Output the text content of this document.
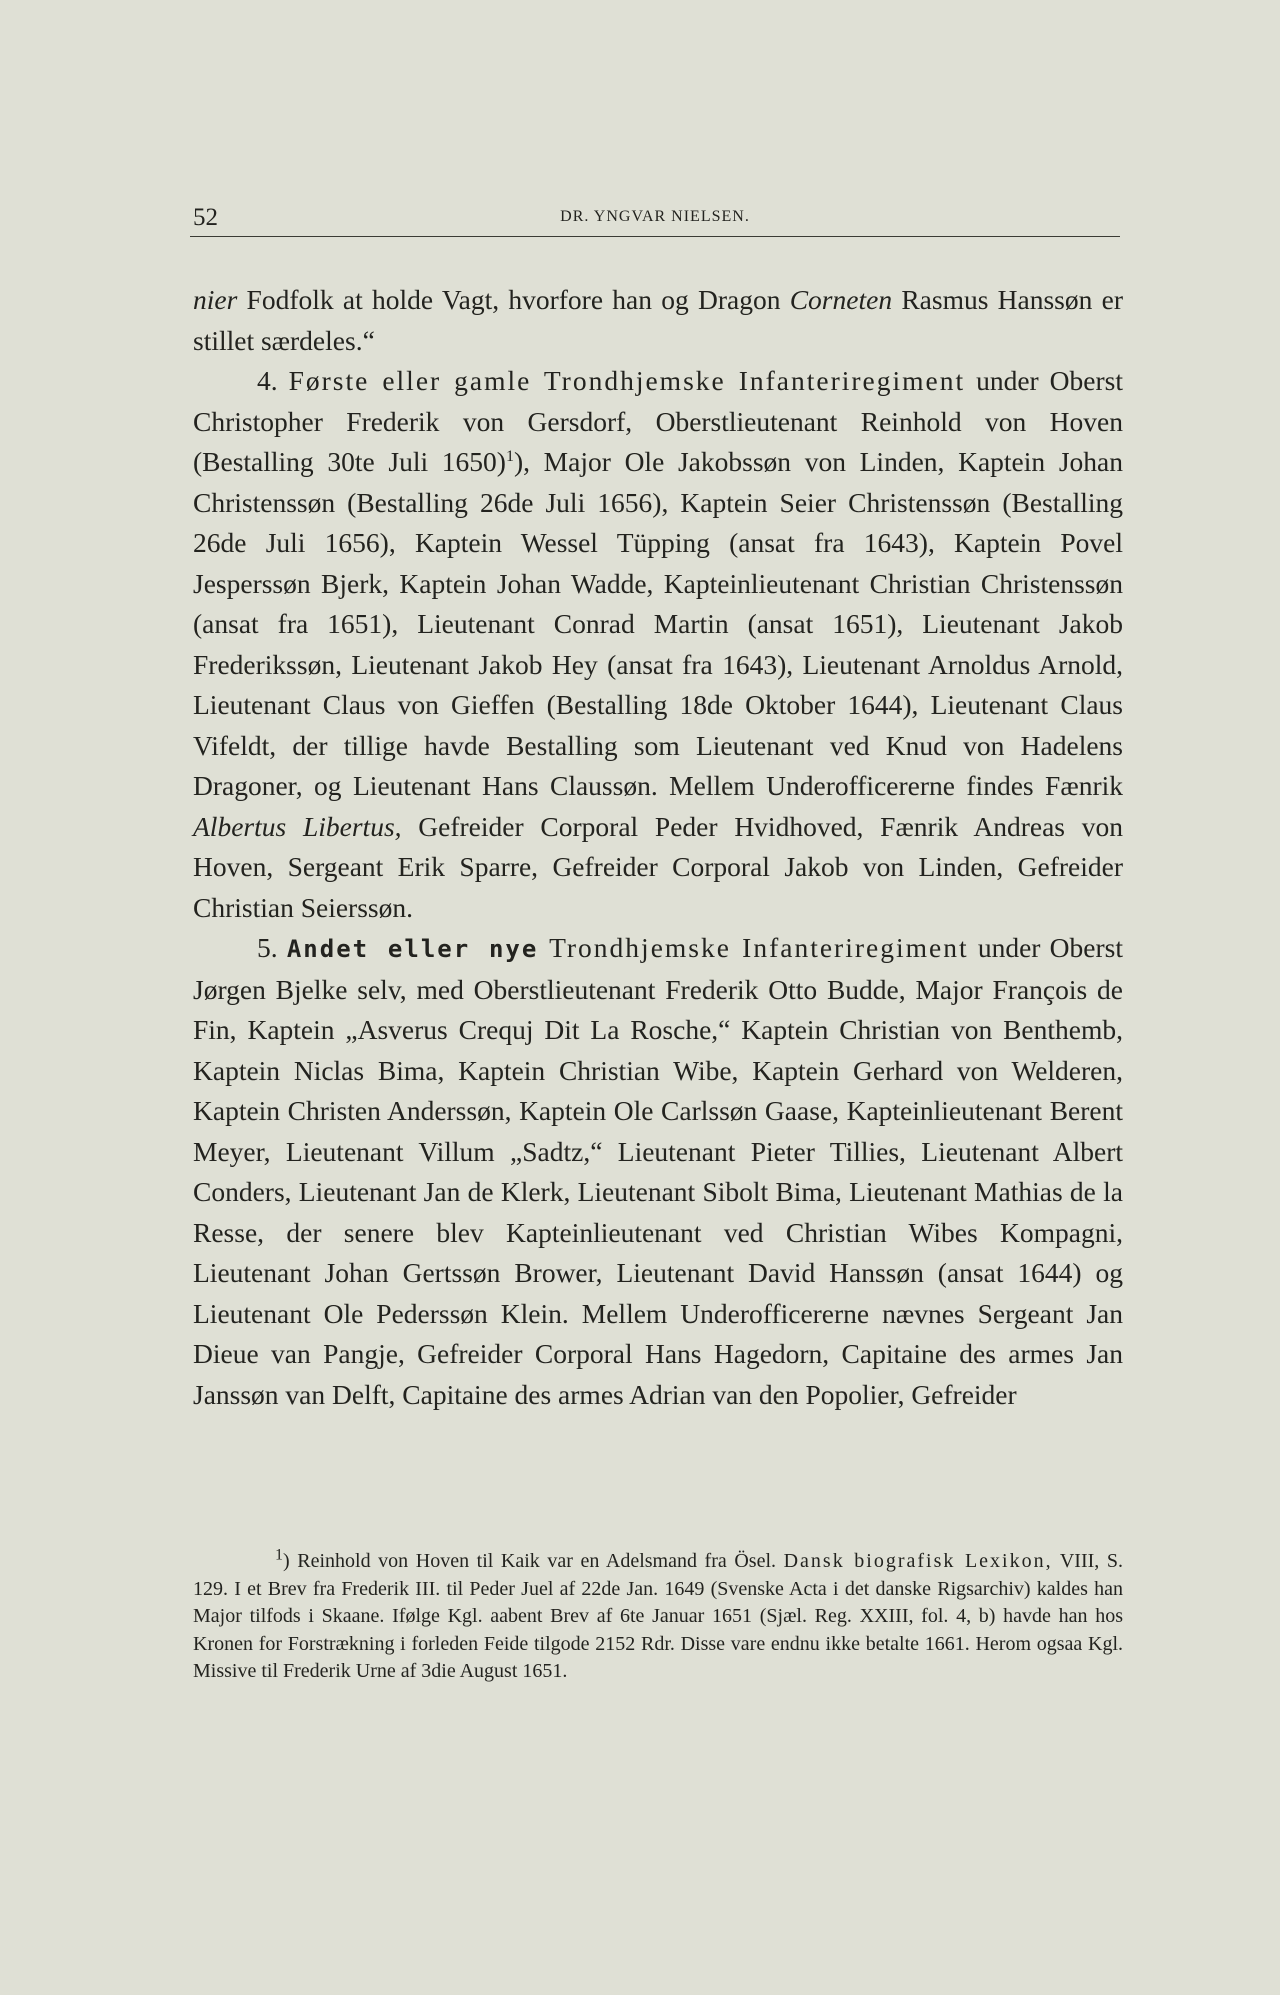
52	DR. YNGVAR NIELSEN.

nier Fodfolk at holde Vagt, hvorfore han og Dragon Corneten Rasmus Hanssøn er stillet særdeles.“

4. Første eller gamle Trondhjemske Infanteriregiment under Oberst Christopher Frederik von Gersdorf, Oberstlieutenant Reinhold von Hoven (Bestalling 30te Juli 1650)$^1$), Major Ole Jakobssøn von Linden, Kaptein Johan Christenssøn (Bestalling 26de Juli 1656), Kaptein Seier Christenssøn (Bestalling 26de Juli 1656), Kaptein Wessel Tüpping (ansat fra 1643), Kaptein Povel Jesperssøn Bjerk, Kaptein Johan Wadde, Kapteinlieutenant Christian Christenssøn (ansat fra 1651), Lieutenant Conrad Martin (ansat 1651), Lieutenant Jakob Frederikssøn, Lieutenant Jakob Hey (ansat fra 1643), Lieutenant Arnoldus Arnold, Lieutenant Claus von Gieffen (Bestalling 18de Oktober 1644), Lieutenant Claus Vifeldt, der tillige havde Bestalling som Lieutenant ved Knud von Hadelens Dragoner, og Lieutenant Hans Claussøn. Mellem Underofficererne findes Fænrik Albertus Libertus, Gefreider Corporal Peder Hvidhoved, Fænrik Andreas von Hoven, Sergeant Erik Sparre, Gefreider Corporal Jakob von Linden, Gefreider Christian Seierssøn.

5. Andet eller nye Trondhjemske Infanteriregiment under Oberst Jørgen Bjelke selv, med Oberstlieutenant Frederik Otto Budde, Major François de Fin, Kaptein „Asverus Crequj Dit La Rosche,“ Kaptein Christian von Benthemb, Kaptein Niclas Bima, Kaptein Christian Wibe, Kaptein Gerhard von Welderen, Kaptein Christen Anderssøn, Kaptein Ole Carlssøn Gaase, Kapteinlieutenant Berent Meyer, Lieutenant Villum „Sadtz,“ Lieutenant Pieter Tillies, Lieutenant Albert Conders, Lieutenant Jan de Klerk, Lieutenant Sibolt Bima, Lieutenant Mathias de la Resse, der senere blev Kapteinlieutenant ved Christian Wibes Kompagni, Lieutenant Johan Gertssøn Brower, Lieutenant David Hanssøn (ansat 1644) og Lieutenant Ole Pederssøn Klein. Mellem Underofficererne nævnes Sergeant Jan Dieue van Pangje, Gefreider Corporal Hans Hagedorn, Capitaine des armes Jan Janssøn van Delft, Capitaine des armes Adrian van den Popolier, Gefreider

$^1$) Reinhold von Hoven til Kaik var en Adelsmand fra Ösel. Dansk biografisk Lexikon, VIII, S. 129. I et Brev fra Frederik III. til Peder Juel af 22de Jan. 1649 (Svenske Acta i det danske Rigsarchiv) kaldes han Major tilfods i Skaane. Ifølge Kgl. aabent Brev af 6te Januar 1651 (Sjæl. Reg. XXIII, fol. 4, b) havde han hos Kronen for Forstrækning i forleden Feide tilgode 2152 Rdr. Disse vare endnu ikke betalte 1661. Herom ogsaa Kgl. Missive til Frederik Urne af 3die August 1651.
